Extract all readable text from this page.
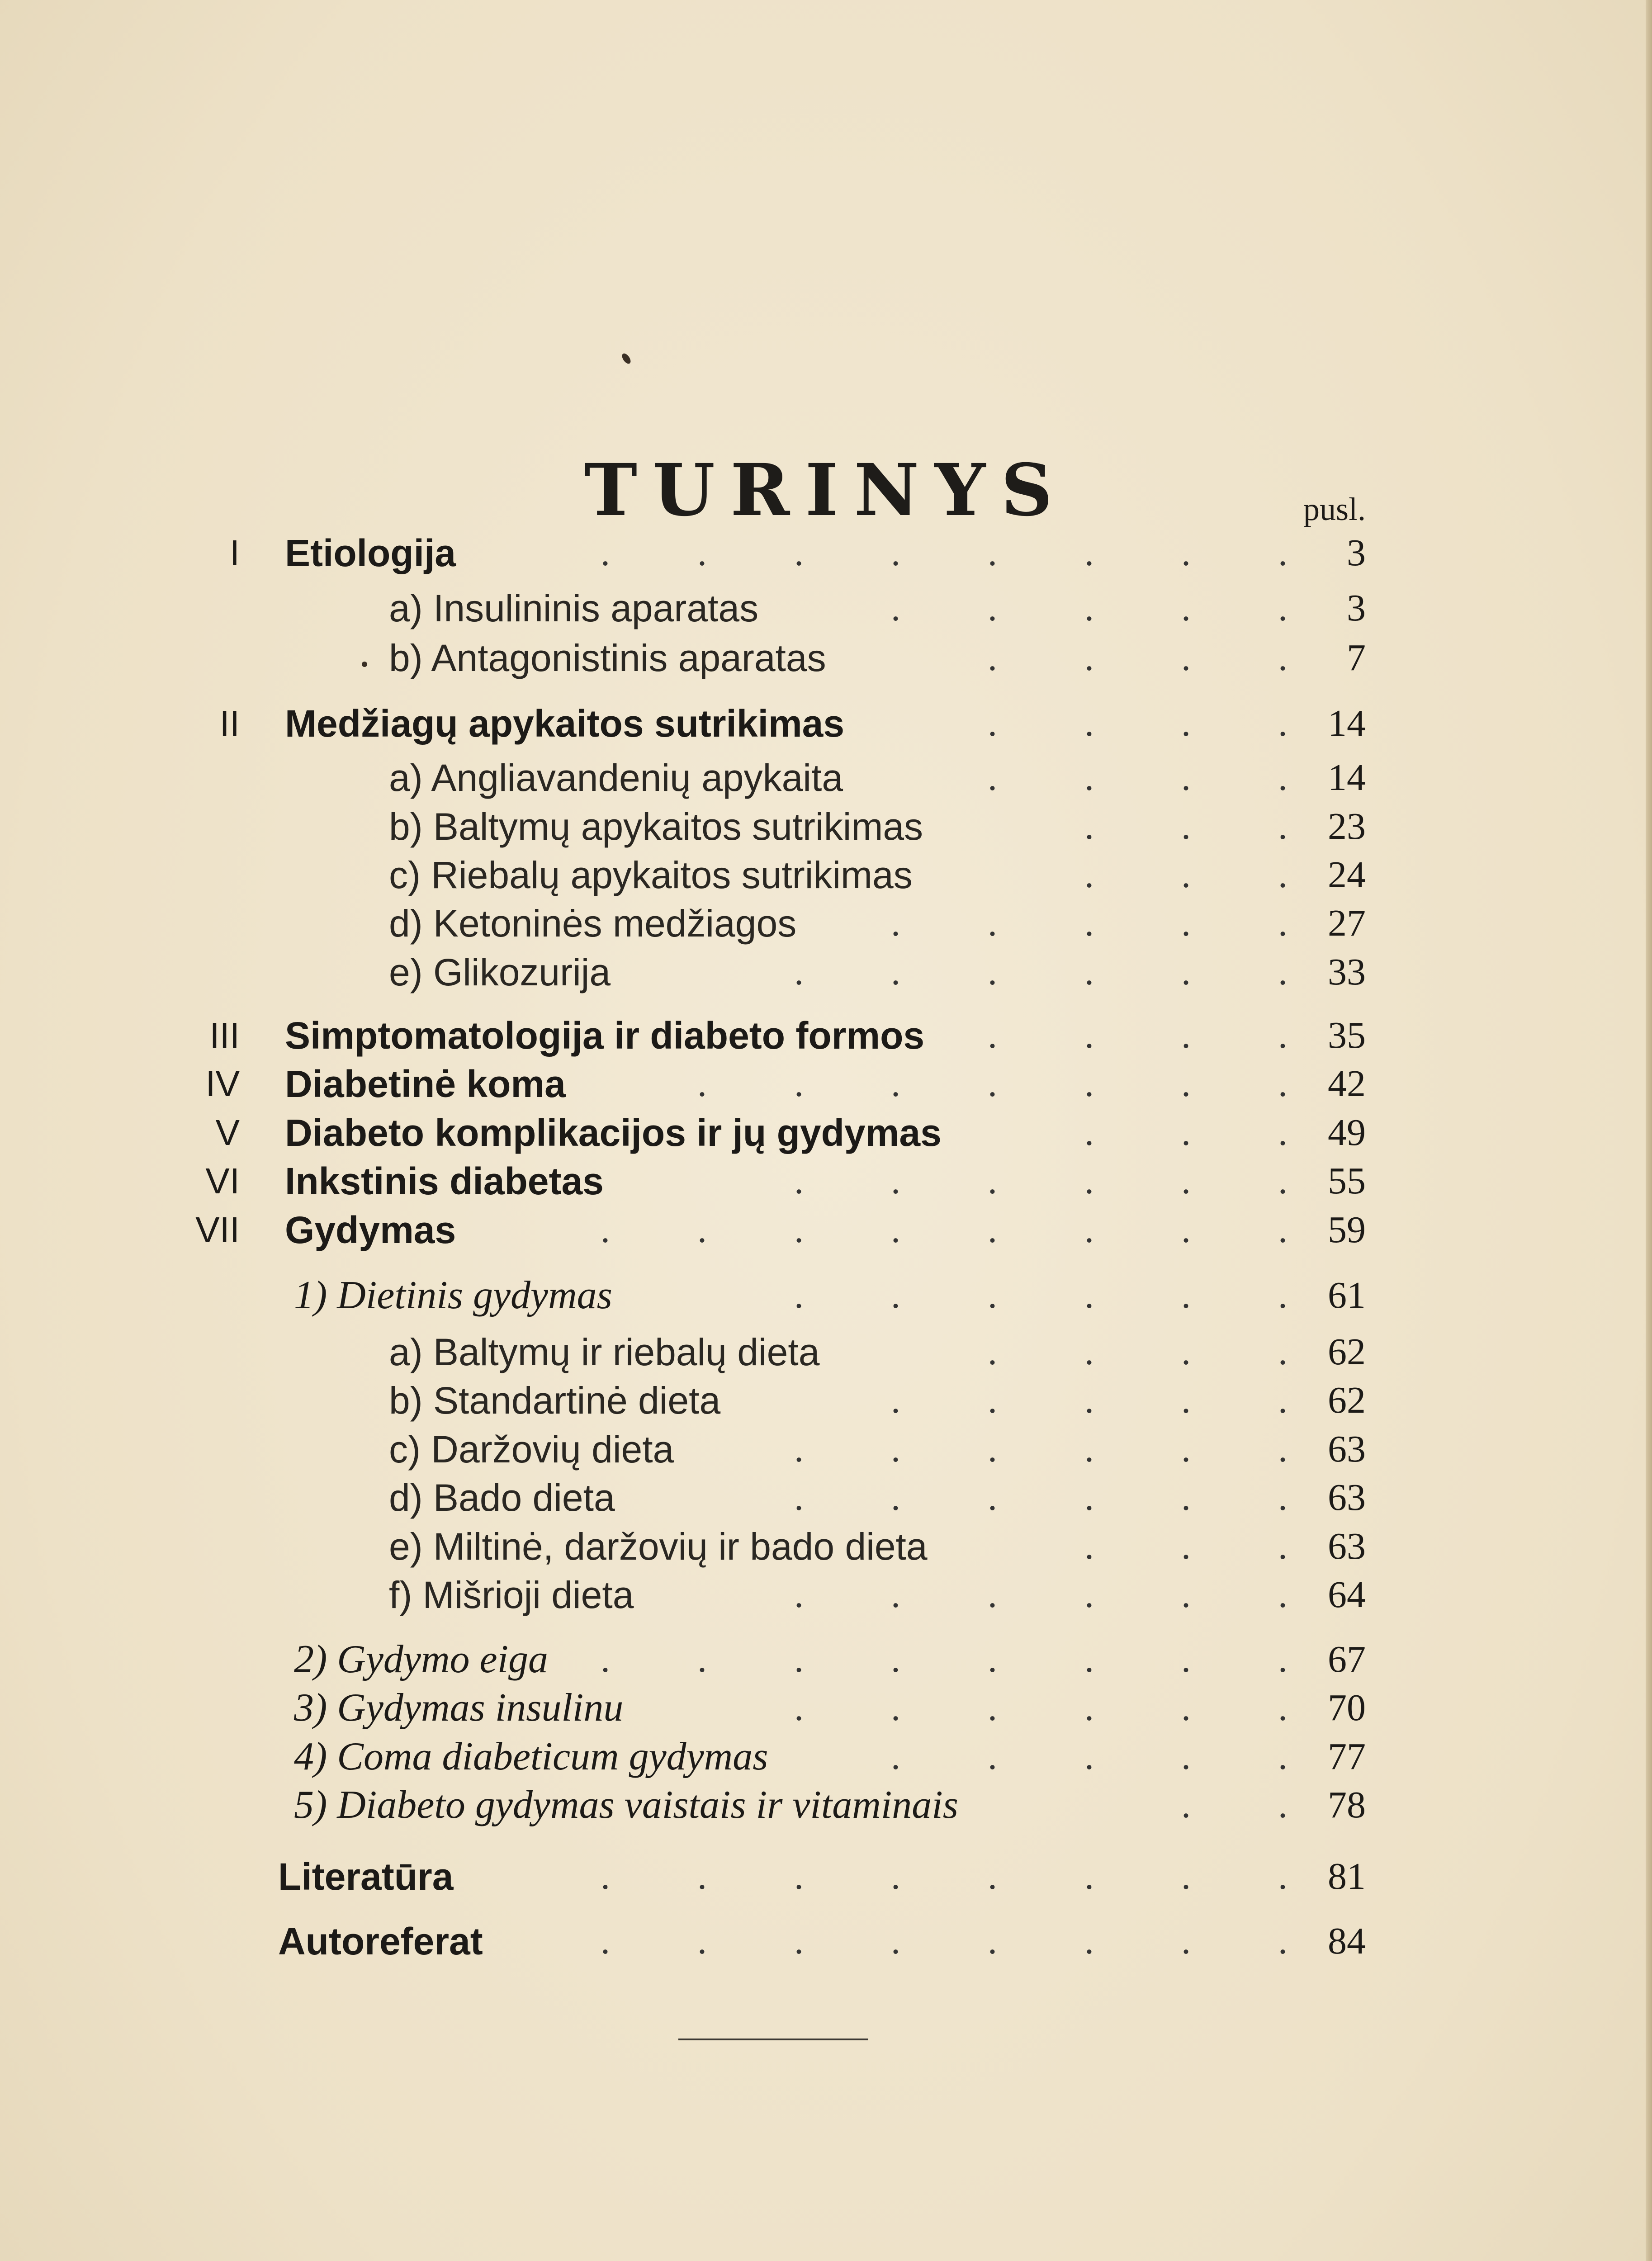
TURINYS	pusl.
I Etiologija	. . . . . . . . 3
a) Insulininis aparatas	. . . . . 3
b) Antagonistinis aparatas	. . . . 7
II Medžiagų apykaitos sutrikimas	. . . . 14
a) Angliavandenių apykaita	. . . . 14
b) Baltymų apykaitos sutrikimas	. . . 23
c) Riebalų apykaitos sutrikimas	. . . 24
d) Ketoninės medžiagos . . . . . 27
e) Glikozurija	. . . . . . 33
III Simptomatologija ir diabeto formos . . . . 35
IV Diabetinė koma	. . . . . . . 42
V Diabeto komplikacijos ir jų gydymas	. . . 49
VI Inkstinis diabetas	. . . . . . 55
VII Gydymas	. . . . . . . . 59
1) Dietinis gydymas	. . . . . . 61
a) Baltymų ir riebalų dieta	. . . . 62
b) Standartinė dieta	. . . . . 62
c) Daržovių dieta	. . . . . . 63
d) Bado dieta	. . . . . . 63
e) Miltinė, daržovių ir bado dieta	. . . 63
f) Mišrioji dieta	. . . . . . 64
2) Gydymo eiga . . . . . . . . 67
3) Gydymas insulinu	. . . . . . 70
4) Coma diabeticum gydymas	. . . . . 77
5) Diabeto gydymas vaistais ir vitaminais	. . 78
Literatūra	. . . . . . . . 81
Autoreferat	. . . . . . . . 84
